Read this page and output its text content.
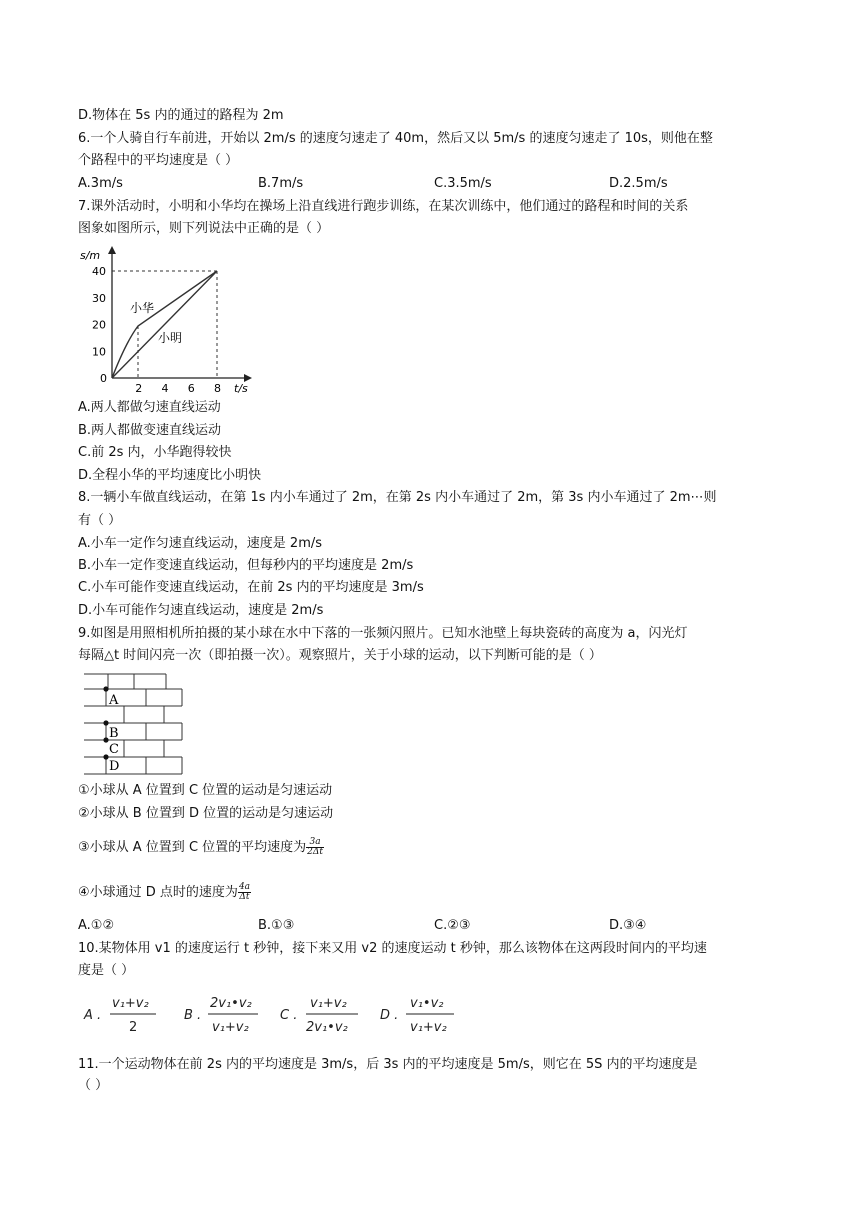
D.物体在 5s 内的通过的路程为 2m
6.一个人骑自行车前进，开始以 2m/s 的速度匀速走了 40m，然后又以 5m/s 的速度匀速走了 10s，则他在整
个路程中的平均速度是（ ）
A.3m/s	B.7m/s	C.3.5m/s	D.2.5m/s
7.课外活动时，小明和小华均在操场上沿直线进行跑步训练，在某次训练中，他们通过的路程和时间的关系
图象如图所示，则下列说法中正确的是（ ）
s/m
t/s
40
30
20
10
2 4 6 8
0
小华
小明
A.两人都做匀速直线运动
B.两人都做变速直线运动
C.前 2s 内，小华跑得较快
D.全程小华的平均速度比小明快
8.一辆小车做直线运动，在第 1s 内小车通过了 2m，在第 2s 内小车通过了 2m，第 3s 内小车通过了 2m⋯则
有（ ）
A.小车一定作匀速直线运动，速度是 2m/s
B.小车一定作变速直线运动，但每秒内的平均速度是 2m/s
C.小车可能作变速直线运动，在前 2s 内的平均速度是 3m/s
D.小车可能作匀速直线运动，速度是 2m/s
9.如图是用照相机所拍摄的某小球在水中下落的一张频闪照片。已知水池壁上每块瓷砖的高度为 a，闪光灯
每隔△t 时间闪亮一次（即拍摄一次）。观察照片，关于小球的运动，以下判断可能的是（ ）
A
B
C
D
①小球从 A 位置到 C 位置的运动是匀速运动
②小球从 B 位置到 D 位置的运动是匀速运动
③小球从 A 位置到 C 位置的平均速度为 $\frac{3a}{2\Delta t}$
④小球通过 D 点时的速度为 $\frac{4a}{\Delta t}$
A.①②	B.①③	C.②③	D.③④
10.某物体用 v1 的速度运行 t 秒钟，接下来又用 v2 的速度运动 t 秒钟，那么该物体在这两段时间内的平均速
度是（ ）
A .
v₁+v₂
2
B .
2v₁•v₂
v₁+v₂
C .
v₁+v₂
2v₁•v₂
D .
v₁•v₂
v₁+v₂
11.一个运动物体在前 2s 内的平均速度是 3m/s，后 3s 内的平均速度是 5m/s，则它在 5S 内的平均速度是
（ ）
